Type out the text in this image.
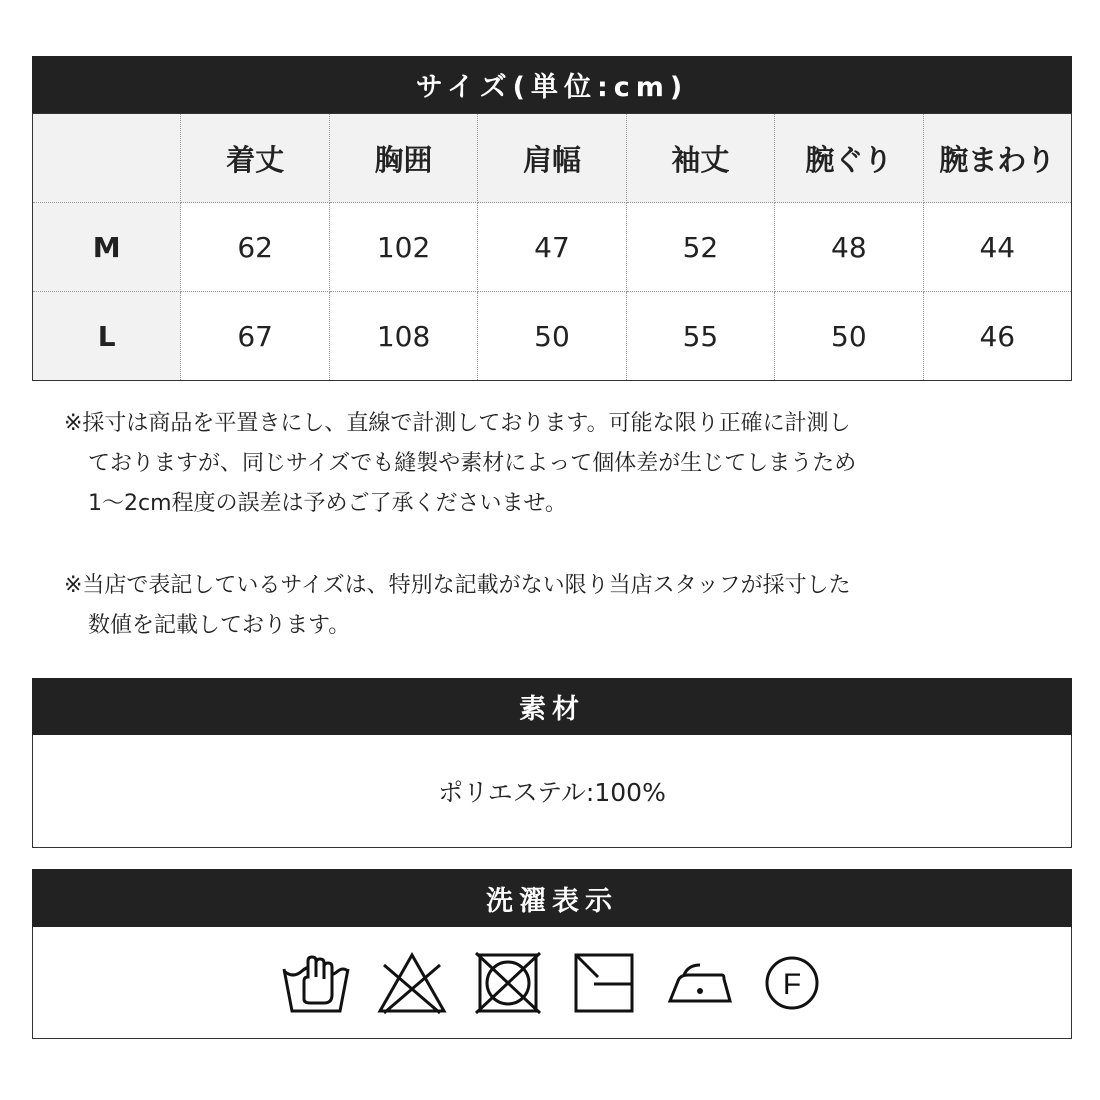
サイズ(単位:cm)
	着丈	胸囲	肩幅	袖丈	腕ぐり	腕まわり
M	62	102	47	52	48	44
L	67	108	50	55	50	46
※採寸は商品を平置きにし、直線で計測しております。可能な限り正確に計測し
ておりますが、同じサイズでも縫製や素材によって個体差が生じてしまうため
1〜2cm程度の誤差は予めご了承くださいませ。
※当店で表記しているサイズは、特別な記載がない限り当店スタッフが採寸した
数値を記載しております。
素材
ポリエステル:100%
洗濯表示
F
